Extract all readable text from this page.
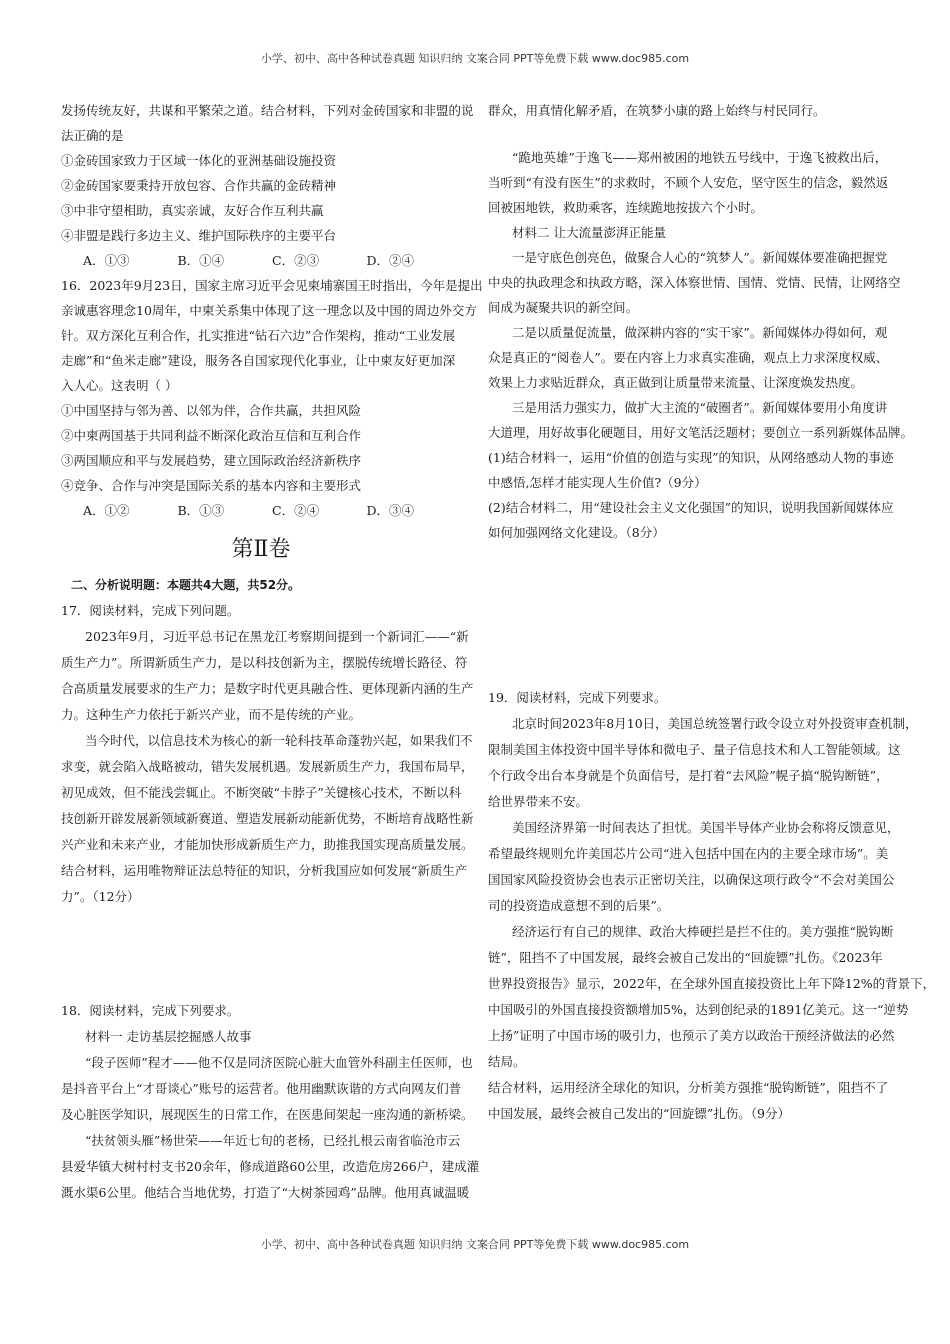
小学、初中、高中各种试卷真题 知识归纳 文案合同 PPT等免费下载 www.doc985.com

发扬传统友好，共谋和平繁荣之道。结合材料，下列对金砖国家和非盟的说

法正确的是

①金砖国家致力于区域一体化的亚洲基础设施投资

②金砖国家要秉持开放包容、合作共赢的金砖精神

③中非守望相助，真实亲诚，友好合作互利共赢

④非盟是践行多边主义、维护国际秩序的主要平台

A．①③	B．①④	C．②③	D．②④

16．2023年9月23日，国家主席习近平会见柬埔寨国王时指出，今年是提出

亲诚惠容理念10周年，中柬关系集中体现了这一理念以及中国的周边外交方

针。双方深化互利合作，扎实推进“钻石六边”合作架构，推动“工业发展

走廊”和“鱼米走廊”建设，服务各自国家现代化事业，让中柬友好更加深

入人心。这表明（ ）

①中国坚持与邻为善、以邻为伴，合作共赢，共担风险

②中柬两国基于共同利益不断深化政治互信和互利合作

③两国顺应和平与发展趋势，建立国际政治经济新秩序

④竞争、合作与冲突是国际关系的基本内容和主要形式

A．①②	B．①③	C．②④	D．③④
第Ⅱ卷

二、分析说明题：本题共4大题，共52分。

17．阅读材料，完成下列问题。

2023年9月，习近平总书记在黑龙江考察期间提到一个新词汇——“新

质生产力”。所谓新质生产力，是以科技创新为主，摆脱传统增长路径、符

合高质量发展要求的生产力；是数字时代更具融合性、更体现新内涵的生产

力。这种生产力依托于新兴产业，而不是传统的产业。

当今时代，以信息技术为核心的新一轮科技革命蓬勃兴起，如果我们不

求变，就会陷入战略被动，错失发展机遇。发展新质生产力，我国布局早，

初见成效，但不能浅尝辄止。不断突破“卡脖子”关键核心技术，不断以科

技创新开辟发展新领域新赛道、塑造发展新动能新优势，不断培育战略性新

兴产业和未来产业，才能加快形成新质生产力，助推我国实现高质量发展。

结合材料，运用唯物辩证法总特征的知识，分析我国应如何发展“新质生产

力”。（12分）

18．阅读材料，完成下列要求。

材料一 走访基层挖掘感人故事

“段子医师”程才——他不仅是同济医院心脏大血管外科副主任医师，也

是抖音平台上“才哥谈心”账号的运营者。他用幽默诙谐的方式向网友们普

及心脏医学知识，展现医生的日常工作，在医患间架起一座沟通的新桥梁。

“扶贫领头雁”杨世荣——年近七旬的老杨，已经扎根云南省临沧市云

县爱华镇大树村村支书20余年，修成道路60公里，改造危房266户，建成灌

溉水渠6公里。他结合当地优势，打造了“大树茶园鸡”品牌。他用真诚温暖

群众，用真情化解矛盾，在筑梦小康的路上始终与村民同行。

“跪地英雄”于逸飞——郑州被困的地铁五号线中，于逸飞被救出后，

当听到“有没有医生”的求救时，不顾个人安危，坚守医生的信念，毅然返

回被困地铁，救助乘客，连续跪地按拔六个小时。

材料二 让大流量澎湃正能量

一是守底色创亮色，做聚合人心的“筑梦人”。新闻媒体要准确把握党

中央的执政理念和执政方略，深入体察世情、国情、党情、民情，让网络空

间成为凝聚共识的新空间。

二是以质量促流量，做深耕内容的“实干家”。新闻媒体办得如何，观

众是真正的“阅卷人”。要在内容上力求真实准确，观点上力求深度权威、

效果上力求贴近群众，真正做到让质量带来流量、让深度焕发热度。

三是用活力强实力，做扩大主流的“破圈者”。新闻媒体要用小角度讲

大道理，用好故事化硬题目，用好文笔活泛题材；要创立一系列新媒体品牌。

(1)结合材料一，运用“价值的创造与实现”的知识，从网络感动人物的事迹

中感悟,怎样才能实现人生价值?（9分）

(2)结合材料二，用“建设社会主义文化强国”的知识，说明我国新闻媒体应

如何加强网络文化建设。（8分）

19．阅读材料，完成下列要求。

北京时间2023年8月10日，美国总统签署行政令设立对外投资审查机制，

限制美国主体投资中国半导体和微电子、量子信息技术和人工智能领域。这

个行政令出台本身就是个负面信号，是打着“去风险”幌子搞“脱钩断链”，

给世界带来不安。

美国经济界第一时间表达了担忧。美国半导体产业协会称将反馈意见，

希望最终规则允许美国芯片公司“进入包括中国在内的主要全球市场”。美

国国家风险投资协会也表示正密切关注，以确保这项行政令“不会对美国公

司的投资造成意想不到的后果”。

经济运行有自己的规律、政治大棒硬拦是拦不住的。美方强推“脱钩断

链”，阻挡不了中国发展，最终会被自己发出的“回旋镖”扎伤。《2023年

世界投资报告》显示，2022年，在全球外国直接投资比上年下降12%的背景下，

中国吸引的外国直接投资额增加5%，达到创纪录的1891亿美元。这一“逆势

上扬”证明了中国市场的吸引力，也预示了美方以政治干预经济做法的必然

结局。

结合材料，运用经济全球化的知识，分析美方强推“脱钩断链”，阻挡不了

中国发展，最终会被自己发出的“回旋镖”扎伤。（9分）

小学、初中、高中各种试卷真题 知识归纳 文案合同 PPT等免费下载 www.doc985.com
